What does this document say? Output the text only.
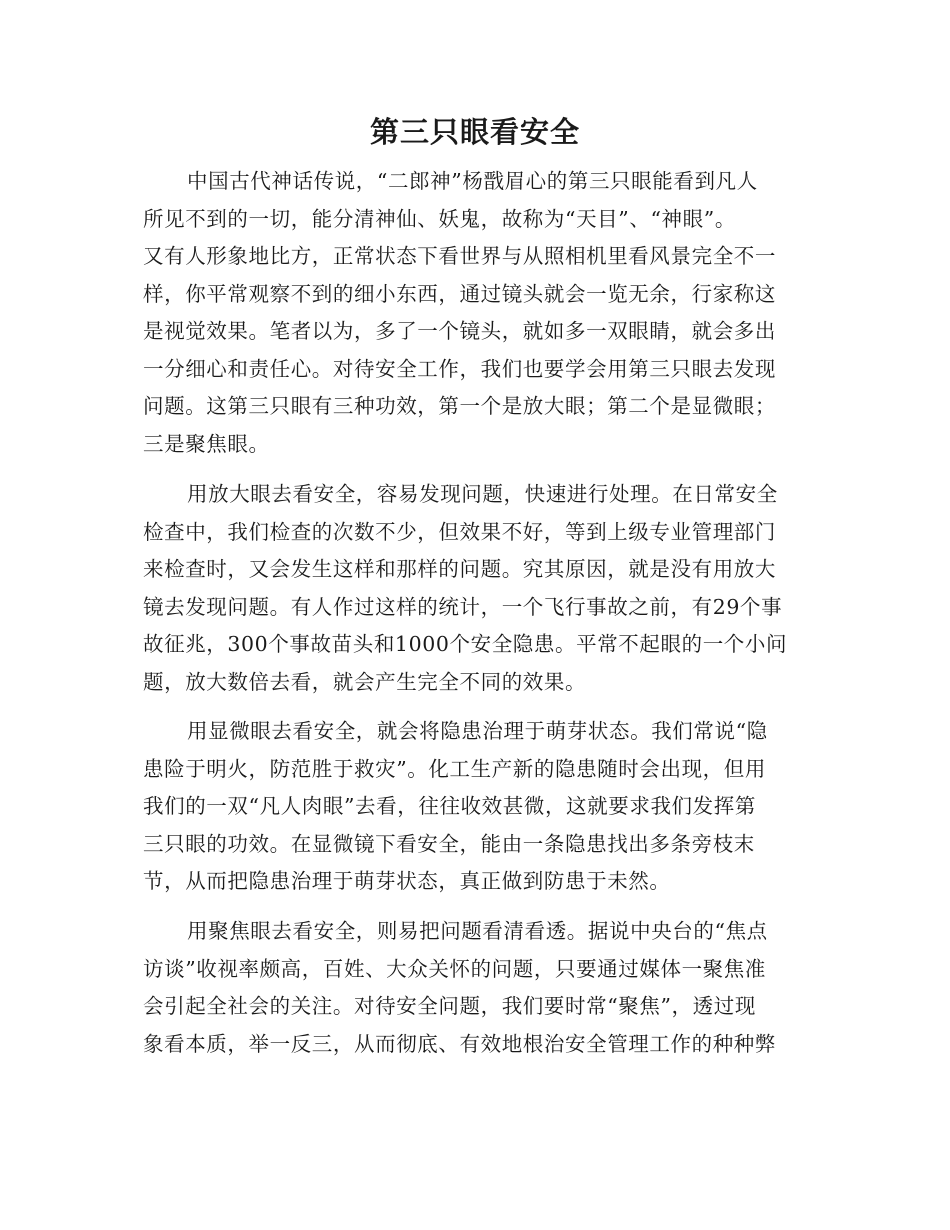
第三只眼看安全
中国古代神话传说，“二郎神”杨戬眉心的第三只眼能看到凡人
所见不到的一切，能分清神仙、妖鬼，故称为“天目”、“神眼”。
又有人形象地比方，正常状态下看世界与从照相机里看风景完全不一
样，你平常观察不到的细小东西，通过镜头就会一览无余，行家称这
是视觉效果。笔者以为，多了一个镜头，就如多一双眼睛，就会多出
一分细心和责任心。对待安全工作，我们也要学会用第三只眼去发现
问题。这第三只眼有三种功效，第一个是放大眼；第二个是显微眼；
三是聚焦眼。
用放大眼去看安全，容易发现问题，快速进行处理。在日常安全
检查中，我们检查的次数不少，但效果不好，等到上级专业管理部门
来检查时，又会发生这样和那样的问题。究其原因，就是没有用放大
镜去发现问题。有人作过这样的统计，一个飞行事故之前，有29个事
故征兆，300个事故苗头和1000个安全隐患。平常不起眼的一个小问
题，放大数倍去看，就会产生完全不同的效果。
用显微眼去看安全，就会将隐患治理于萌芽状态。我们常说“隐
患险于明火，防范胜于救灾”。化工生产新的隐患随时会出现，但用
我们的一双“凡人肉眼”去看，往往收效甚微，这就要求我们发挥第
三只眼的功效。在显微镜下看安全，能由一条隐患找出多条旁枝末
节，从而把隐患治理于萌芽状态，真正做到防患于未然。
用聚焦眼去看安全，则易把问题看清看透。据说中央台的“焦点
访谈”收视率颇高，百姓、大众关怀的问题，只要通过媒体一聚焦准
会引起全社会的关注。对待安全问题，我们要时常“聚焦”，透过现
象看本质，举一反三，从而彻底、有效地根治安全管理工作的种种弊
